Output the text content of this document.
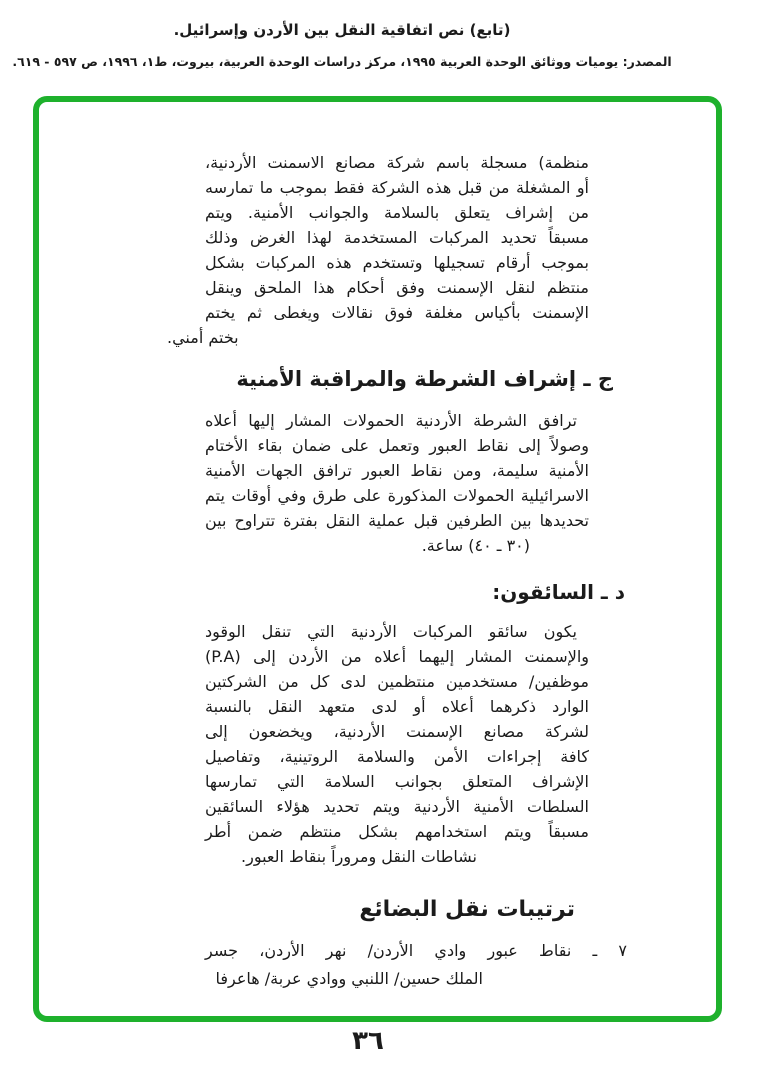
(تابع) نص اتفاقية النقل بين الأردن وإسرائيل.
المصدر: يوميات ووثائق الوحدة العربية ١٩٩٥، مركز دراسات الوحدة العربية، بيروت، ط١، ١٩٩٦، ص ٥٩٧ - ٦١٩.
منظمة) مسجلة باسم شركة مصانع الاسمنت الأردنية،
أو المشغلة من قبل هذه الشركة فقط بموجب ما تمارسه
من إشراف يتعلق بالسلامة والجوانب الأمنية. ويتم
مسبقاً تحديد المركبات المستخدمة لهذا الغرض وذلك
بموجب أرقام تسجيلها وتستخدم هذه المركبات بشكل
منتظم لنقل الإسمنت وفق أحكام هذا الملحق وينقل
الإسمنت بأكياس مغلفة فوق نقالات ويغطى ثم يختم
بختم أمني.
ج ـ إشراف الشرطة والمراقبة الأمنية
ترافق الشرطة الأردنية الحمولات المشار إليها أعلاه
وصولاً إلى نقاط العبور وتعمل على ضمان بقاء الأختام
الأمنية سليمة، ومن نقاط العبور ترافق الجهات الأمنية
الاسرائيلية الحمولات المذكورة على طرق وفي أوقات يتم
تحديدها بين الطرفين قبل عملية النقل بفترة تتراوح بين
(٣٠ ـ ٤٠) ساعة.
د ـ السائقون:
يكون سائقو المركبات الأردنية التي تنقل الوقود
والإسمنت المشار إليهما أعلاه من الأردن إلى (P.A)
موظفين/ مستخدمين منتظمين لدى كل من الشركتين
الوارد ذكرهما أعلاه أو لدى متعهد النقل بالنسبة
لشركة مصانع الإسمنت الأردنية، ويخضعون إلى
كافة إجراءات الأمن والسلامة الروتينية، وتفاصيل
الإشراف المتعلق بجوانب السلامة التي تمارسها
السلطات الأمنية الأردنية ويتم تحديد هؤلاء السائقين
مسبقاً ويتم استخدامهم بشكل منتظم ضمن أطر
نشاطات النقل ومروراً بنقاط العبور.
ترتيبات نقل البضائع
٧ ـ نقاط عبور وادي الأردن/ نهر الأردن، جسر
الملك حسين/ اللنبي ووادي عربة/ هاعرفا
٣٦
